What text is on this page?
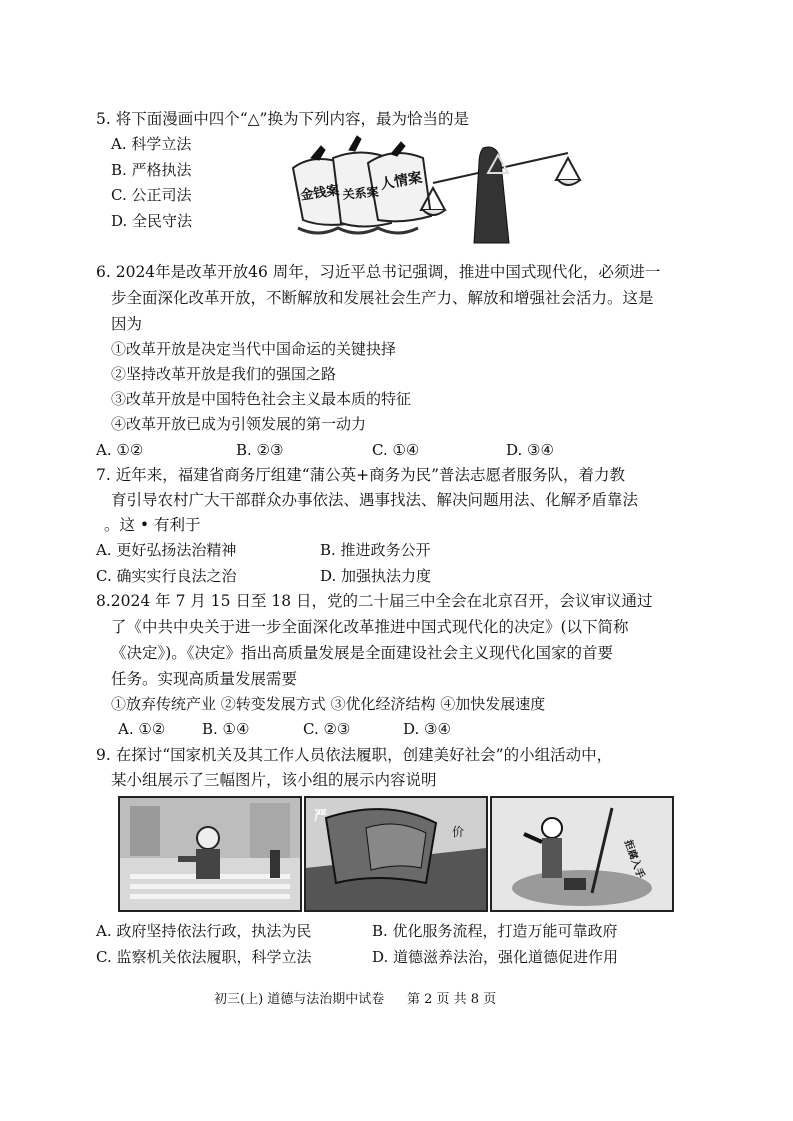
5. 将下面漫画中四个“△”换为下列内容，最为恰当的是
A. 科学立法
B. 严格执法
C. 公正司法
D. 全民守法
金钱案 关系案
人情案
6. 2024年是改革开放46 周年，习近平总书记强调，推进中国式现代化，必须进一
步全面深化改革开放，不断解放和发展社会生产力、解放和增强社会活力。这是
因为
①改革开放是决定当代中国命运的关键抉择
②坚持改革开放是我们的强国之路
③改革开放是中国特色社会主义最本质的特征
④改革开放已成为引领发展的第一动力
A. ①②	B. ②③	C. ①④	D. ③④
7. 近年来，福建省商务厅组建“蒲公英+商务为民”普法志愿者服务队，着力教
育引导农村广大干部群众办事依法、遇事找法、解决问题用法、化解矛盾靠法
。这 • 有利于
A. 更好弘扬法治精神	B. 推进政务公开
C. 确实实行良法之治	D. 加强执法力度
8.2024 年 7 月 15 日至 18 日，党的二十届三中全会在北京召开，会议审议通过
了《中共中央关于进一步全面深化改革推进中国式现代化的决定》(以下简称
《决定》)。《决定》指出高质量发展是全面建设社会主义现代化国家的首要
任务。实现高质量发展需要
①放弃传统产业 ②转变发展方式 ③优化经济结构 ④加快发展速度
A. ①② B. ①④	C. ②③	D. ③④
9. 在探讨“国家机关及其工作人员依法履职，创建美好社会”的小组活动中，
某小组展示了三幅图片，该小组的展示内容说明
严
价
拒腐入手
A. 政府坚持依法行政，执法为民	B. 优化服务流程，打造万能可靠政府
C. 监察机关依法履职，科学立法	D. 道德滋养法治，强化道德促进作用
初三(上) 道德与法治期中试卷 第 2 页 共 8 页
